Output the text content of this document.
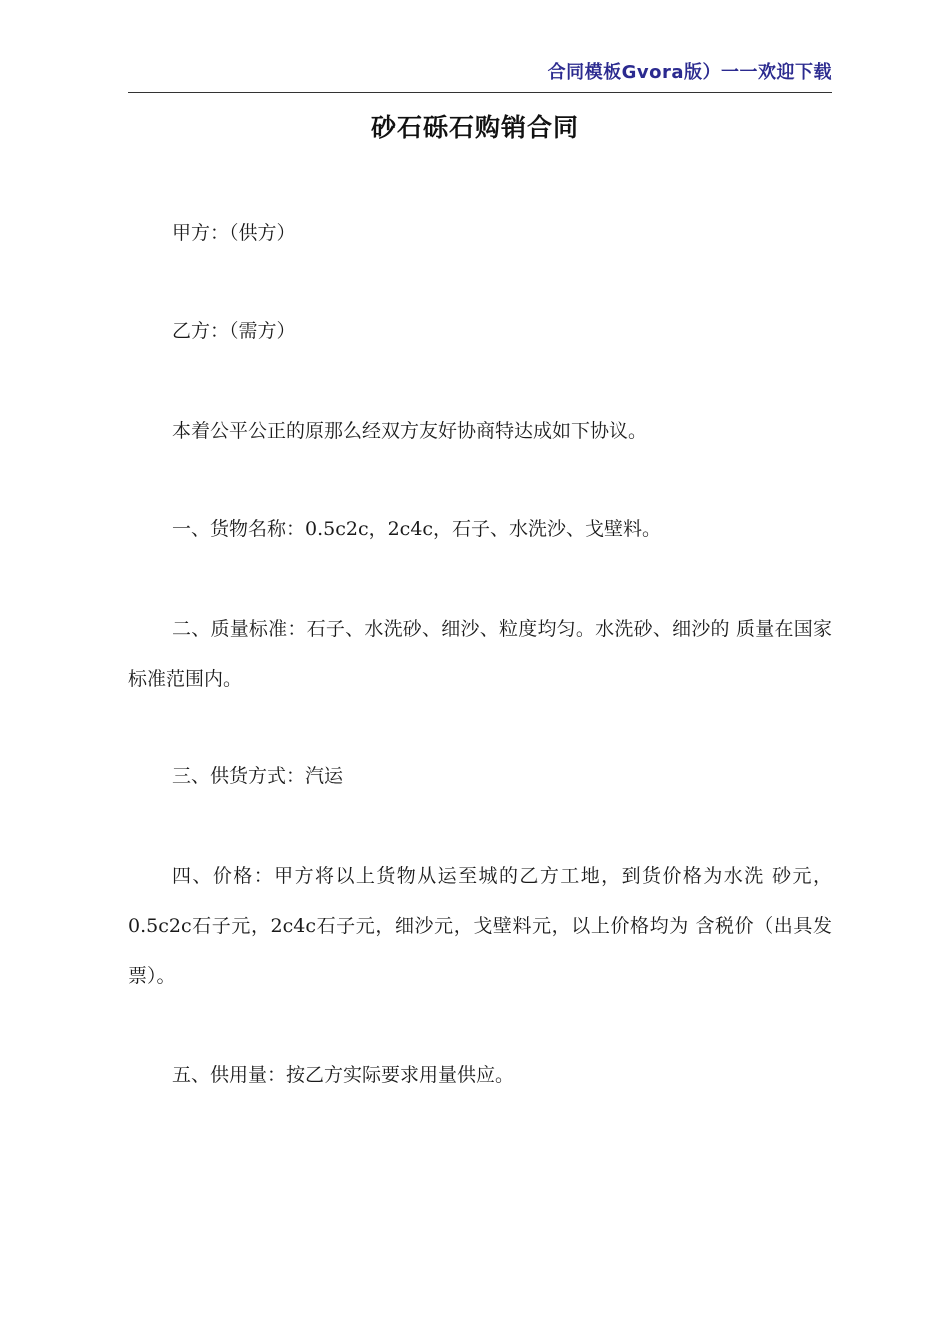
合同模板Gvora版）一一欢迎下载
砂石砾石购销合同

甲方：（供方）

乙方：（需方）

本着公平公正的原那么经双方友好协商特达成如下协议。

一、货物名称：0.5c2c，2c4c，石子、水洗沙、戈壁料。

二、质量标准：石子、水洗砂、细沙、粒度均匀。水洗砂、细沙的 质量在国家标准范围内。

三、供货方式：汽运

四、价格：甲方将以上货物从运至城的乙方工地，到货价格为水洗 砂元，0.5c2c石子元，2c4c石子元，细沙元，戈壁料元，以上价格均为 含税价（出具发票）。

五、供用量：按乙方实际要求用量供应。
